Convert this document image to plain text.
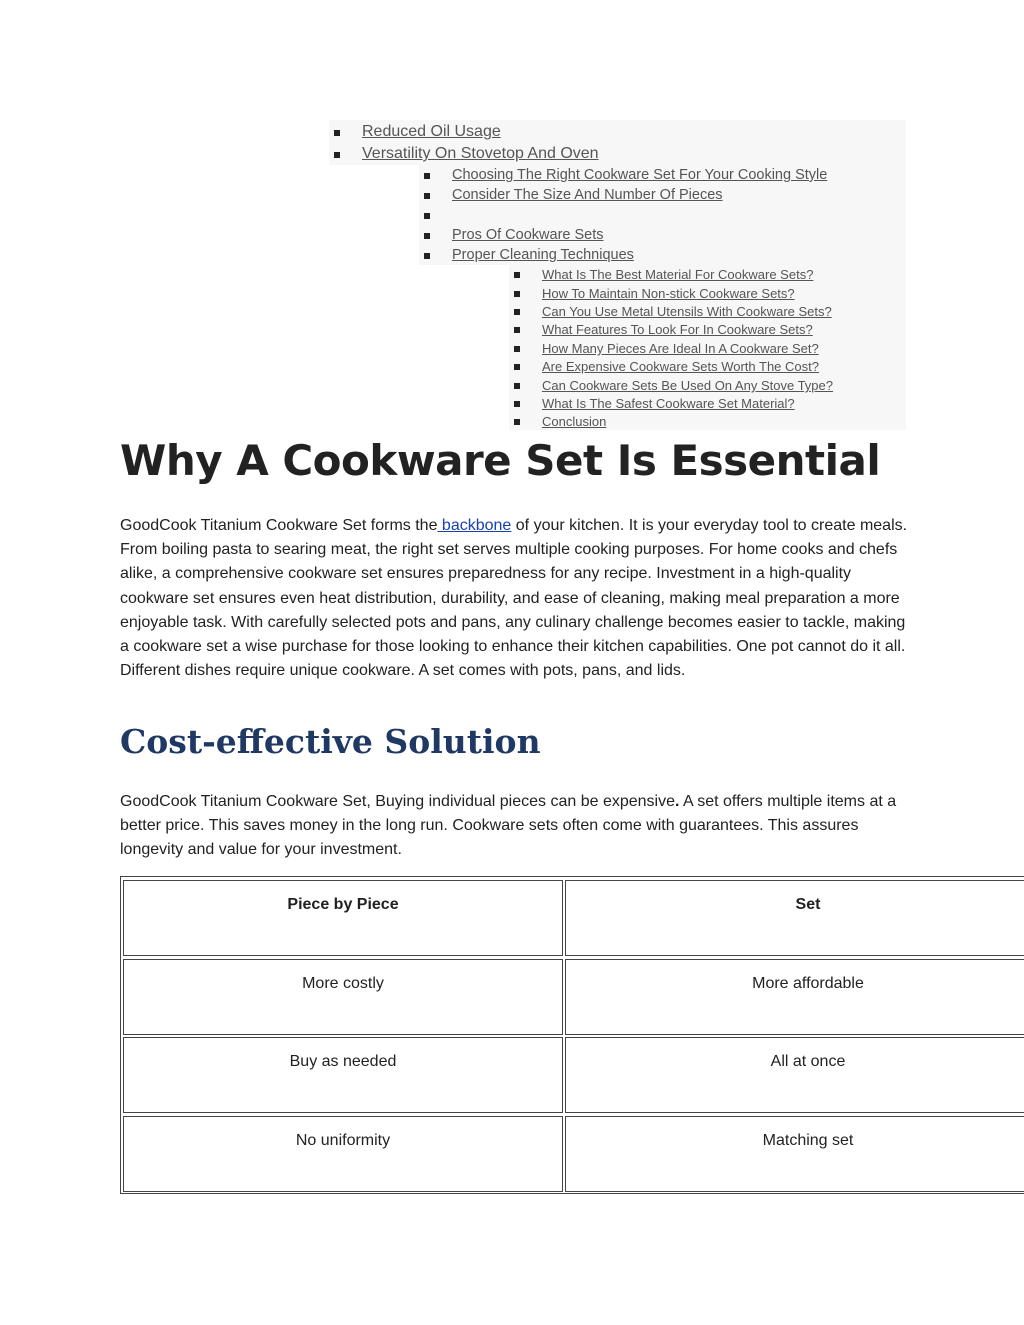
Reduced Oil Usage
Versatility On Stovetop And Oven
Choosing The Right Cookware Set For Your Cooking Style
Consider The Size And Number Of Pieces
Pros Of Cookware Sets
Proper Cleaning Techniques
What Is The Best Material For Cookware Sets?
How To Maintain Non-stick Cookware Sets?
Can You Use Metal Utensils With Cookware Sets?
What Features To Look For In Cookware Sets?
How Many Pieces Are Ideal In A Cookware Set?
Are Expensive Cookware Sets Worth The Cost?
Can Cookware Sets Be Used On Any Stove Type?
What Is The Safest Cookware Set Material?
Conclusion
Why A Cookware Set Is Essential

GoodCook Titanium Cookware Set forms the backbone of your kitchen. It is your everyday tool to create meals. From boiling pasta to searing meat, the right set serves multiple cooking purposes. For home cooks and chefs alike, a comprehensive cookware set ensures preparedness for any recipe. Investment in a high-quality cookware set ensures even heat distribution, durability, and ease of cleaning, making meal preparation a more enjoyable task. With carefully selected pots and pans, any culinary challenge becomes easier to tackle, making a cookware set a wise purchase for those looking to enhance their kitchen capabilities. One pot cannot do it all. Different dishes require unique cookware. A set comes with pots, pans, and lids.

Cost-effective Solution

GoodCook Titanium Cookware Set, Buying individual pieces can be expensive. A set offers multiple items at a better price. This saves money in the long run. Cookware sets often come with guarantees. This assures longevity and value for your investment.

Piece by Piece	Set
More costly	More affordable
Buy as needed	All at once
No uniformity	Matching set
